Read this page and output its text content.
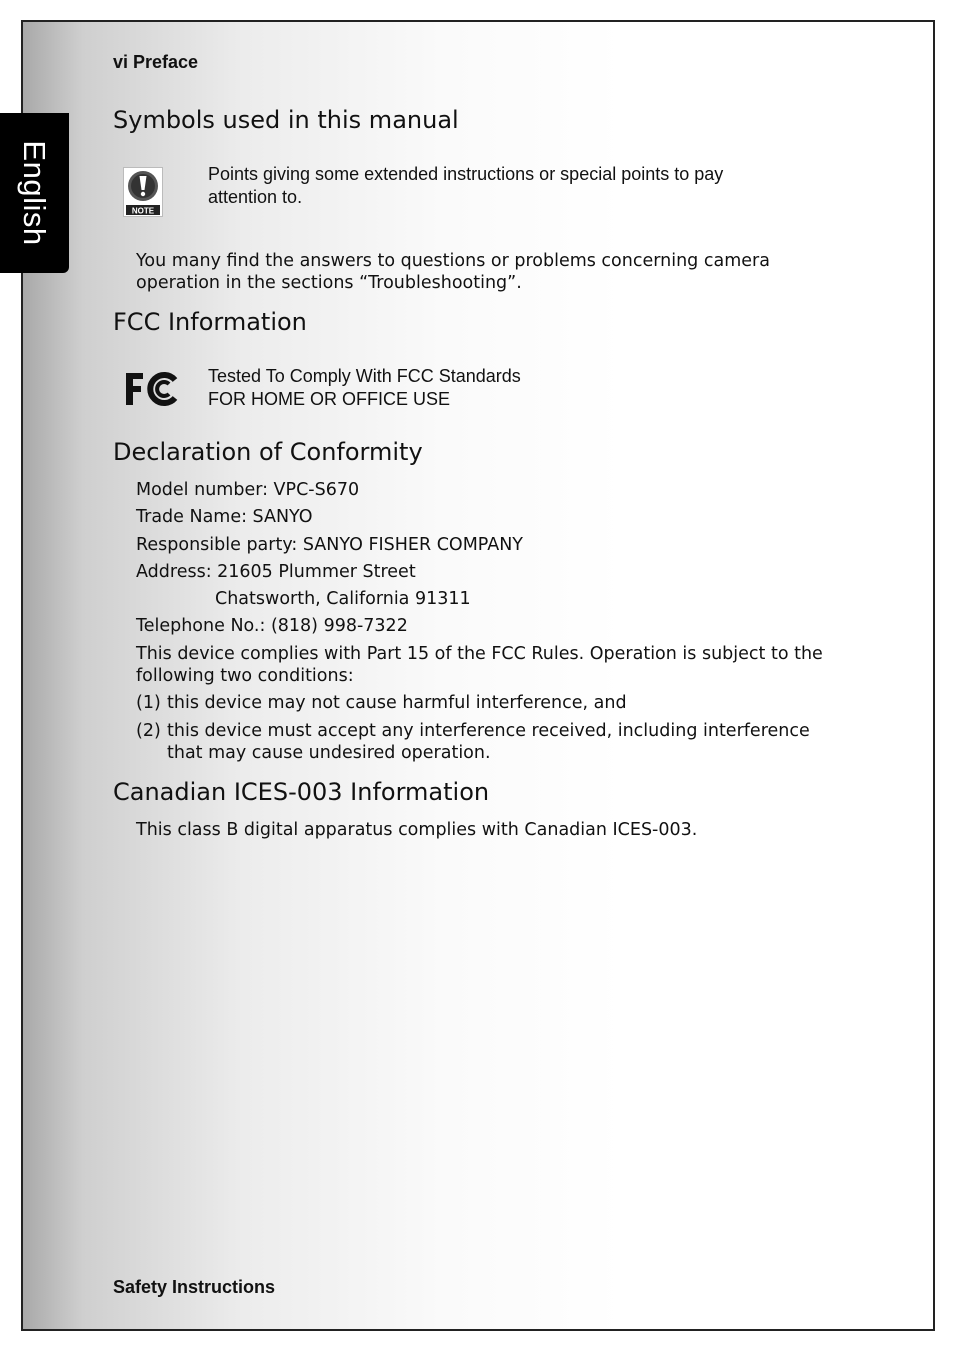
English
vi Preface
Symbols used in this manual
NOTE
Points giving some extended instructions or special points to pay attention to.
You many find the answers to questions or problems concerning camera operation in the sections “Troubleshooting”.
FCC Information
Tested To Comply With FCC Standards
FOR HOME OR OFFICE USE
Declaration of Conformity
Model number: VPC-S670
Trade Name: SANYO
Responsible party: SANYO FISHER COMPANY
Address: 21605 Plummer Street
Chatsworth, California 91311
Telephone No.: (818) 998-7322
This device complies with Part 15 of the FCC Rules. Operation is subject to the following two conditions:
(1) this device may not cause harmful interference, and
(2) this device must accept any interference received, including interference that may cause undesired operation.
Canadian ICES-003 Information
This class B digital apparatus complies with Canadian ICES-003.
Safety Instructions
